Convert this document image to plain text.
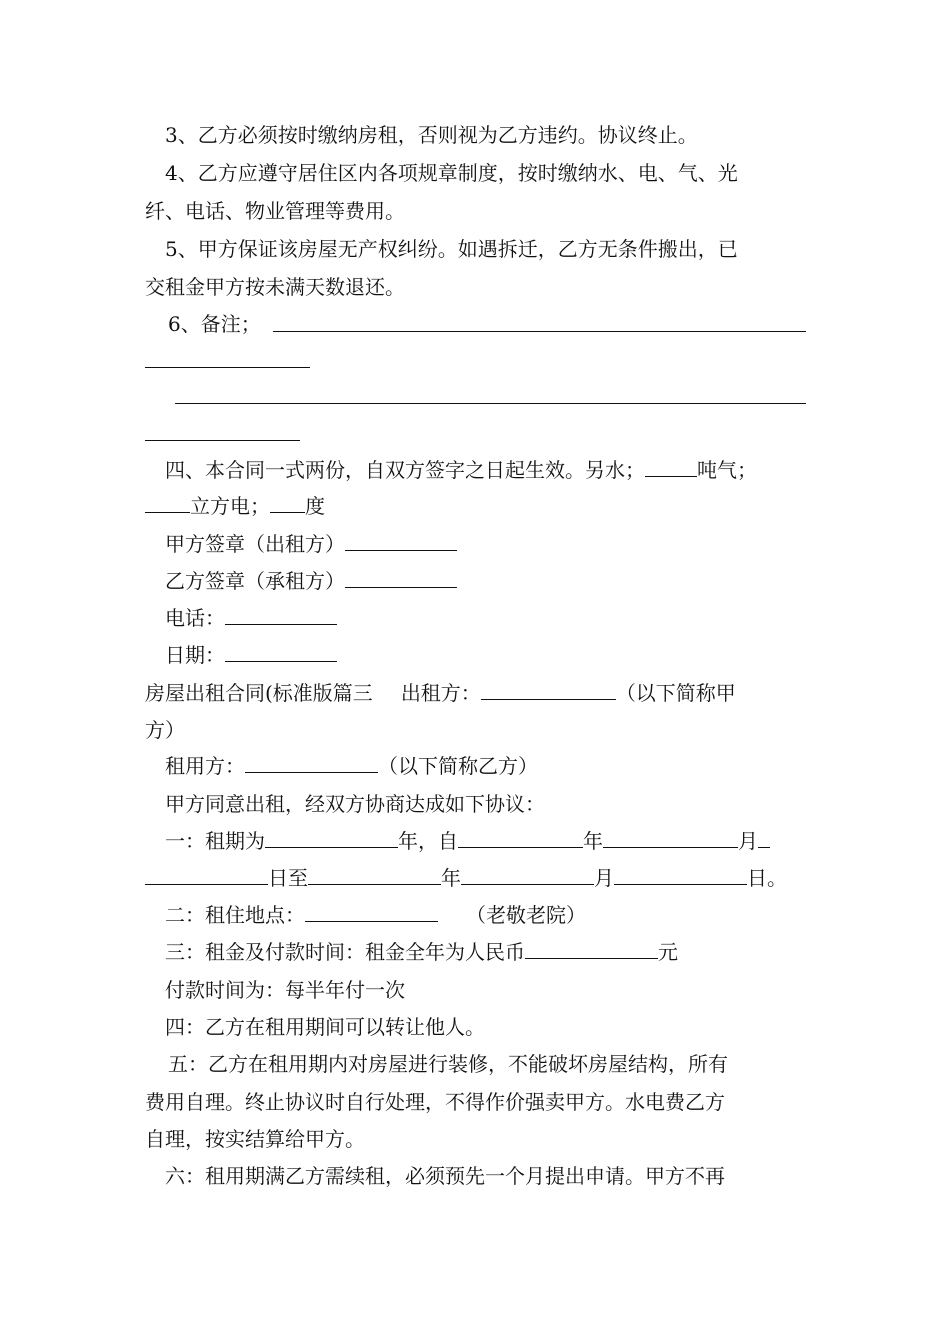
3、乙方必须按时缴纳房租，否则视为乙方违约。协议终止。
4、乙方应遵守居住区内各项规章制度，按时缴纳水、电、气、光
纤、电话、物业管理等费用。
5、甲方保证该房屋无产权纠纷。如遇拆迁，乙方无条件搬出，已
交租金甲方按未满天数退还。
6、备注；
四、本合同一式两份，自双方签字之日起生效。另水；	吨气；
立方电； 度
甲方签章（出租方）
乙方签章（承租方）
电话：
日期：
房屋出租合同(标准版篇三 出租方：	（以下简称甲
方）
租用方：	（以下简称乙方）
甲方同意出租，经双方协商达成如下协议：
一：租期为	年，自	年	月
日至	年	月	日。
二：租住地点：	（老敬老院）
三：租金及付款时间：租金全年为人民币	元
付款时间为：每半年付一次
四：乙方在租用期间可以转让他人。
五：乙方在租用期内对房屋进行装修，不能破坏房屋结构，所有
费用自理。终止协议时自行处理，不得作价强卖甲方。水电费乙方
自理，按实结算给甲方。
六：租用期满乙方需续租，必须预先一个月提出申请。甲方不再
